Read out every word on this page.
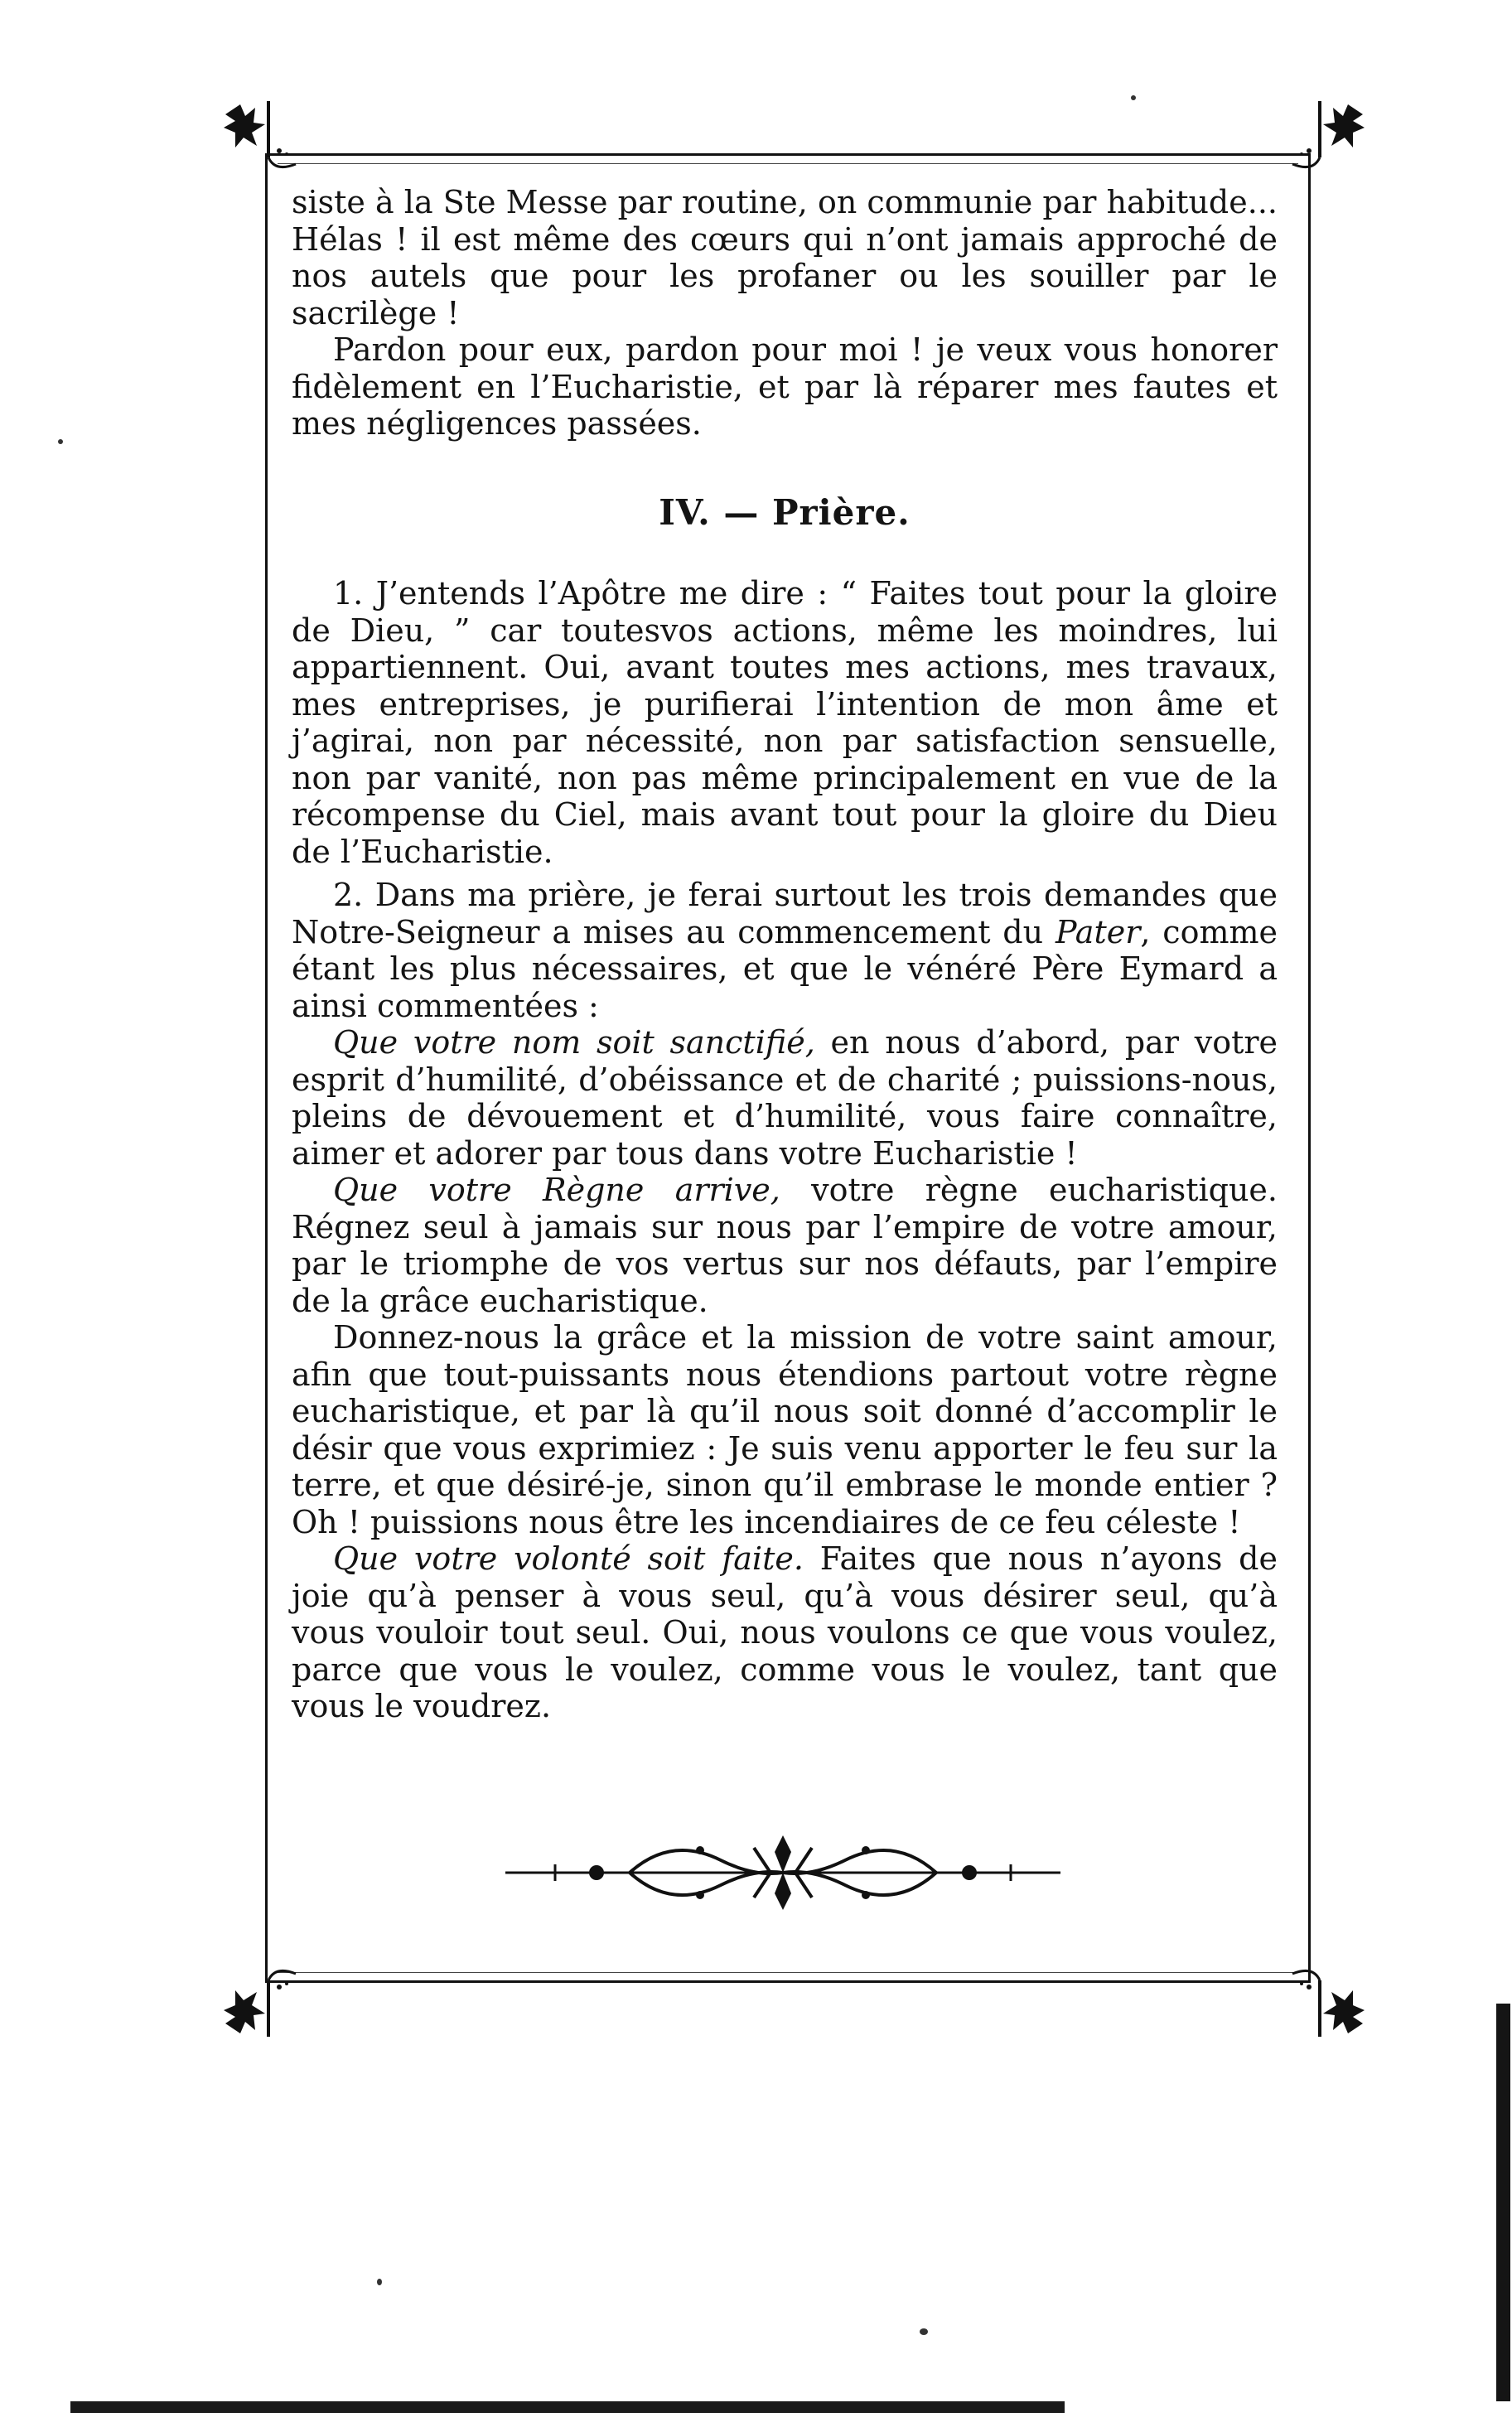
siste à la Ste Messe par routine, on communie par habitude... Hélas ! il est même des cœurs qui n’ont jamais approché de nos autels que pour les profaner ou les souiller par le sacrilège !

Pardon pour eux, pardon pour moi ! je veux vous honorer fidèlement en l’Eucharistie, et par là réparer mes fautes et mes négligences passées.

IV. — Prière.

1. J’entends l’Apôtre me dire : “ Faites tout pour la gloire de Dieu, ” car toutesvos actions, même les moindres, lui appartiennent. Oui, avant toutes mes actions, mes travaux, mes entreprises, je purifierai l’intention de mon âme et j’agirai, non par nécessité, non par satisfaction sensuelle, non par vanité, non pas même principalement en vue de la récompense du Ciel, mais avant tout pour la gloire du Dieu de l’Eucharistie.

2. Dans ma prière, je ferai surtout les trois demandes que Notre-Seigneur a mises au commencement du Pater, comme étant les plus nécessaires, et que le vénéré Père Eymard a ainsi commentées :

Que votre nom soit sanctifié, en nous d’abord, par votre esprit d’humilité, d’obéissance et de charité ; puissions-nous, pleins de dévouement et d’humilité, vous faire connaître, aimer et adorer par tous dans votre Eucharistie !

Que votre Règne arrive, votre règne eucharistique. Régnez seul à jamais sur nous par l’empire de votre amour, par le triomphe de vos vertus sur nos défauts, par l’empire de la grâce eucharistique.

Donnez-nous la grâce et la mission de votre saint amour, afin que tout-puissants nous étendions partout votre règne eucharistique, et par là qu’il nous soit donné d’accomplir le désir que vous exprimiez : Je suis venu apporter le feu sur la terre, et que désiré-je, sinon qu’il embrase le monde entier ? Oh ! puissions nous être les incendiaires de ce feu céleste !

Que votre volonté soit faite. Faites que nous n’ayons de joie qu’à penser à vous seul, qu’à vous désirer seul, qu’à vous vouloir tout seul. Oui, nous voulons ce que vous voulez, parce que vous le voulez, comme vous le voulez, tant que vous le voudrez.
